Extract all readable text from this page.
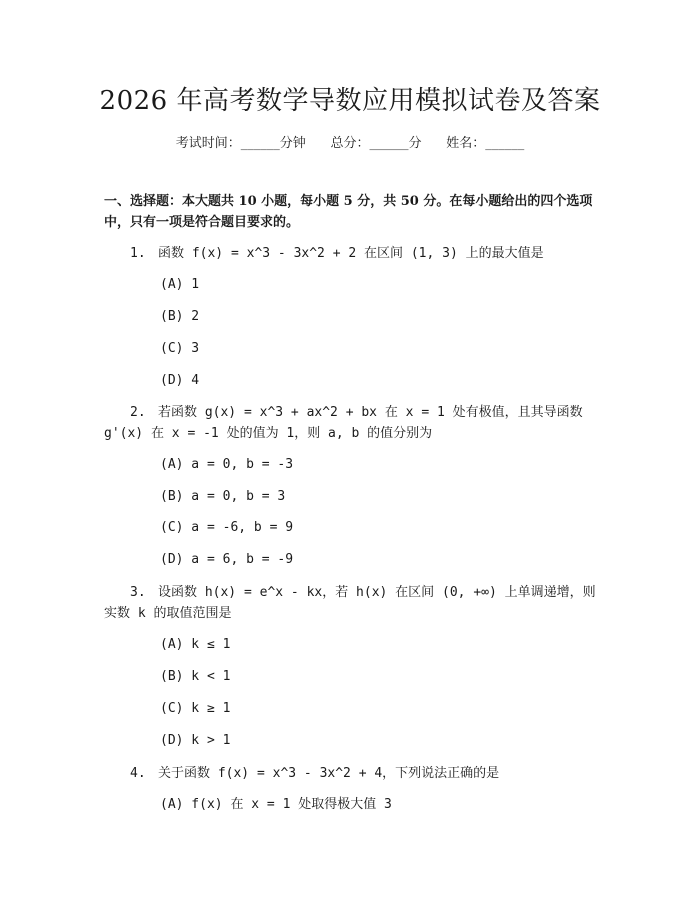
2026 年高考数学导数应用模拟试卷及答案
考试时间：______分钟      总分：______分      姓名：______
一、选择题：本大题共 10 小题，每小题 5 分，共 50 分。在每小题给出的四个选项中，只有一项是符合题目要求的。
1. 函数 f(x) = x^3 - 3x^2 + 2 在区间 (1, 3) 上的最大值是
(A) 1
(B) 2
(C) 3
(D) 4
2. 若函数 g(x) = x^3 + ax^2 + bx 在 x = 1 处有极值，且其导函数 g'(x) 在 x = -1 处的值为 1，则 a, b 的值分别为
(A) a = 0, b = -3
(B) a = 0, b = 3
(C) a = -6, b = 9
(D) a = 6, b = -9
3. 设函数 h(x) = e^x - kx，若 h(x) 在区间 (0, +∞) 上单调递增，则实数 k 的取值范围是
(A) k ≤ 1
(B) k < 1
(C) k ≥ 1
(D) k > 1
4. 关于函数 f(x) = x^3 - 3x^2 + 4，下列说法正确的是
(A) f(x) 在 x = 1 处取得极大值 3
